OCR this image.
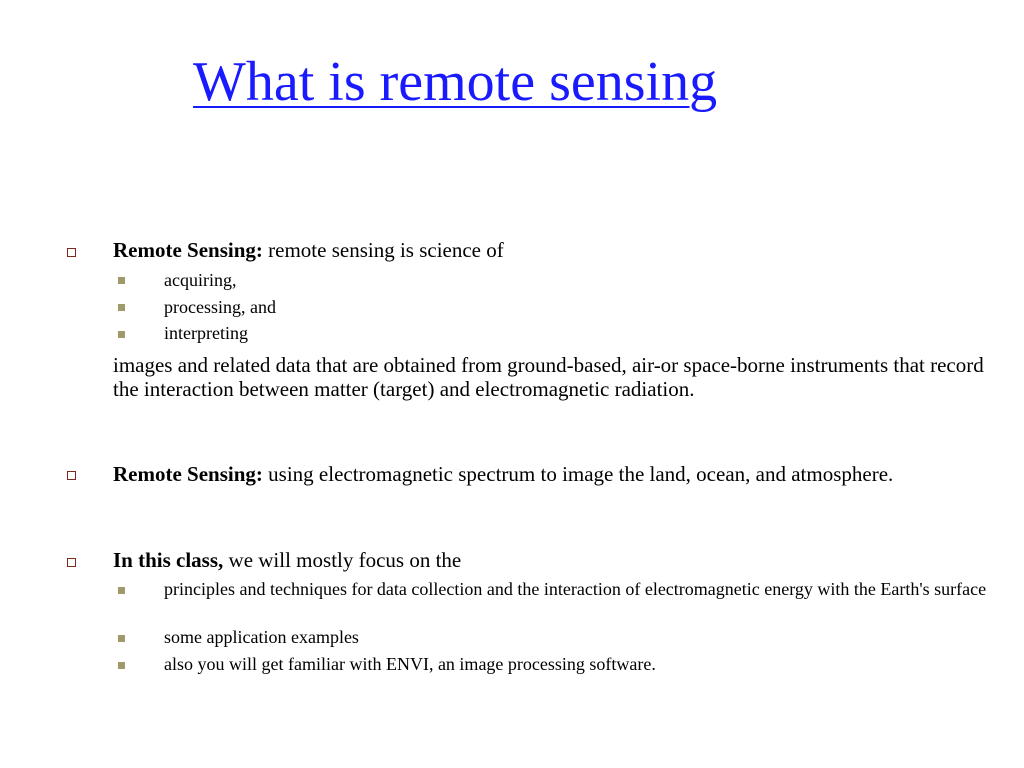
What is remote sensing
Remote Sensing: remote sensing is science of
acquiring,
processing, and
interpreting
images and related data that are obtained from ground-based, air-or space-borne instruments that record the interaction between matter (target) and electromagnetic radiation.
Remote Sensing: using electromagnetic spectrum to image the land, ocean, and atmosphere.
In this class, we will mostly focus on the
principles and techniques for data collection and the interaction of electromagnetic energy with the Earth's surface
some application examples
also you will get familiar with ENVI, an image processing software.
